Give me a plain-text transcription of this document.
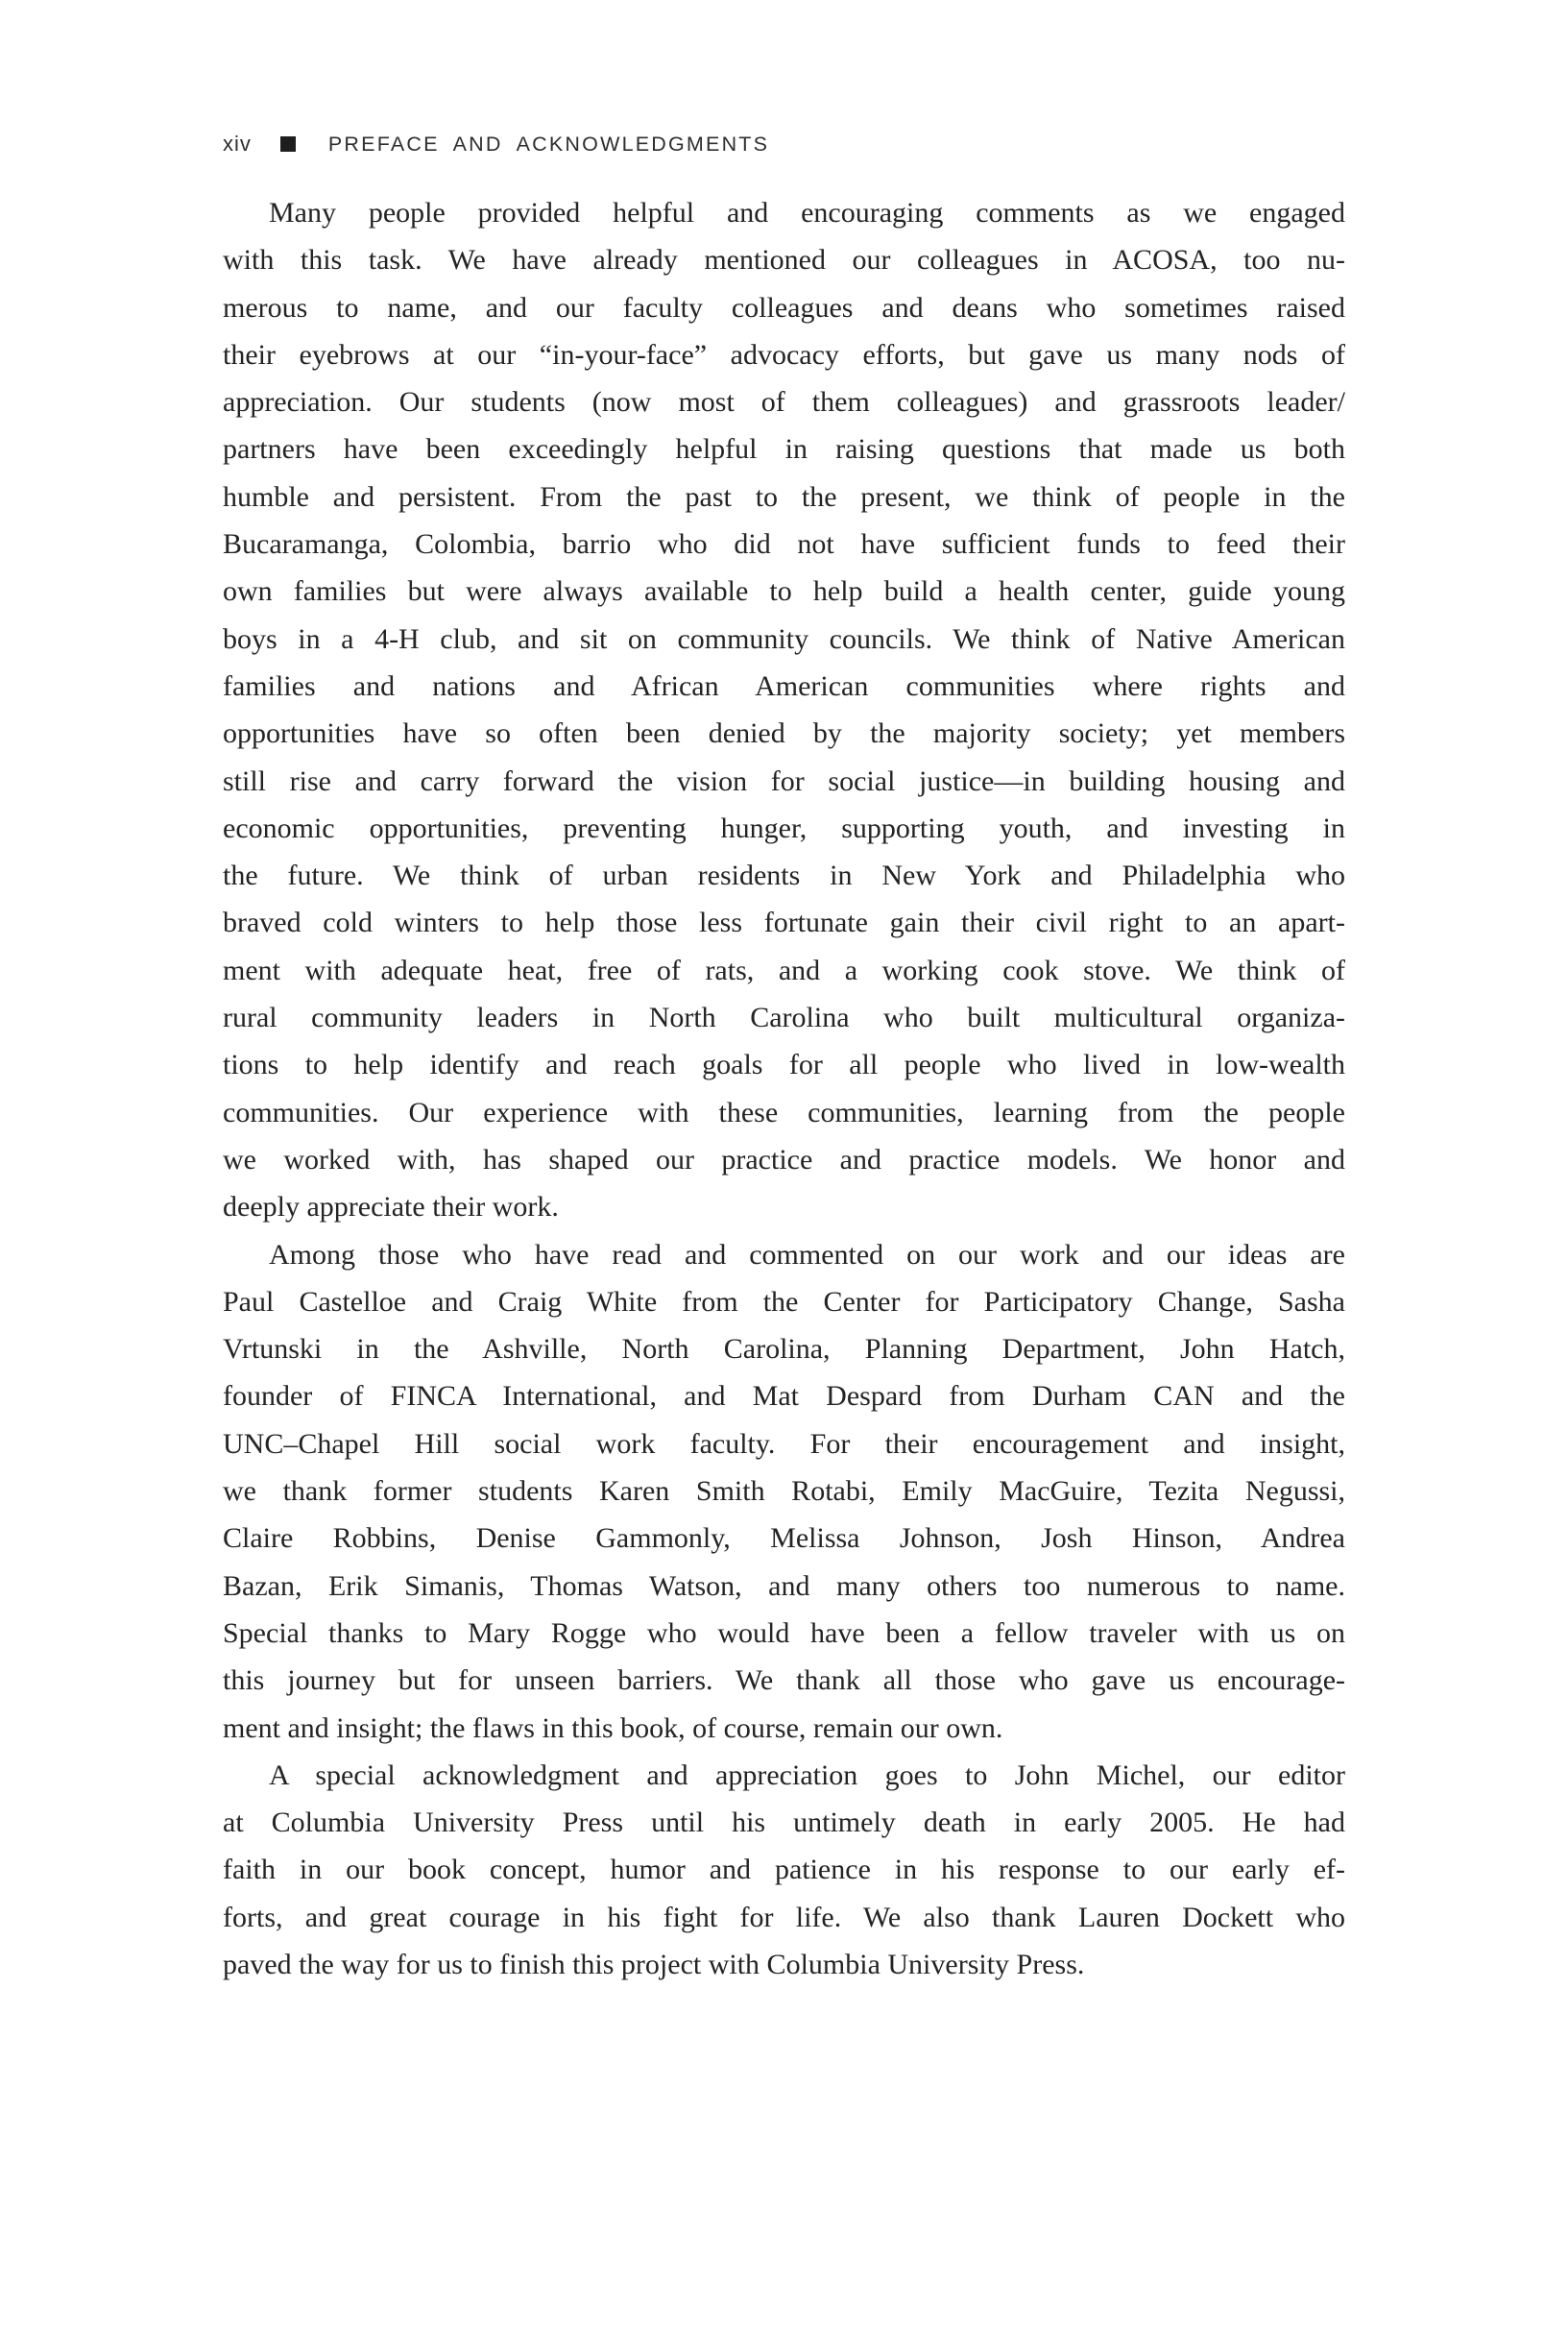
xiv	PREFACE AND ACKNOWLEDGMENTS
Many people provided helpful and encouraging comments as we engaged
with this task. We have already mentioned our colleagues in ACOSA, too nu-
merous to name, and our faculty colleagues and deans who sometimes raised
their eyebrows at our “in-your-face” advocacy efforts, but gave us many nods of
appreciation. Our students (now most of them colleagues) and grassroots leader/
partners have been exceedingly helpful in raising questions that made us both
humble and persistent. From the past to the present, we think of people in the
Bucaramanga, Colombia, barrio who did not have sufficient funds to feed their
own families but were always available to help build a health center, guide young
boys in a 4-H club, and sit on community councils. We think of Native American
families and nations and African American communities where rights and
opportunities have so often been denied by the majority society; yet members
still rise and carry forward the vision for social justice—in building housing and
economic opportunities, preventing hunger, supporting youth, and investing in
the future. We think of urban residents in New York and Philadelphia who
braved cold winters to help those less fortunate gain their civil right to an apart-
ment with adequate heat, free of rats, and a working cook stove. We think of
rural community leaders in North Carolina who built multicultural organiza-
tions to help identify and reach goals for all people who lived in low-wealth
communities. Our experience with these communities, learning from the people
we worked with, has shaped our practice and practice models. We honor and
deeply appreciate their work.
Among those who have read and commented on our work and our ideas are
Paul Castelloe and Craig White from the Center for Participatory Change, Sasha
Vrtunski in the Ashville, North Carolina, Planning Department, John Hatch,
founder of FINCA International, and Mat Despard from Durham CAN and the
UNC–Chapel Hill social work faculty. For their encouragement and insight,
we thank former students Karen Smith Rotabi, Emily MacGuire, Tezita Negussi,
Claire Robbins, Denise Gammonly, Melissa Johnson, Josh Hinson, Andrea
Bazan, Erik Simanis, Thomas Watson, and many others too numerous to name.
Special thanks to Mary Rogge who would have been a fellow traveler with us on
this journey but for unseen barriers. We thank all those who gave us encourage-
ment and insight; the flaws in this book, of course, remain our own.
A special acknowledgment and appreciation goes to John Michel, our editor
at Columbia University Press until his untimely death in early 2005. He had
faith in our book concept, humor and patience in his response to our early ef-
forts, and great courage in his fight for life. We also thank Lauren Dockett who
paved the way for us to finish this project with Columbia University Press.
